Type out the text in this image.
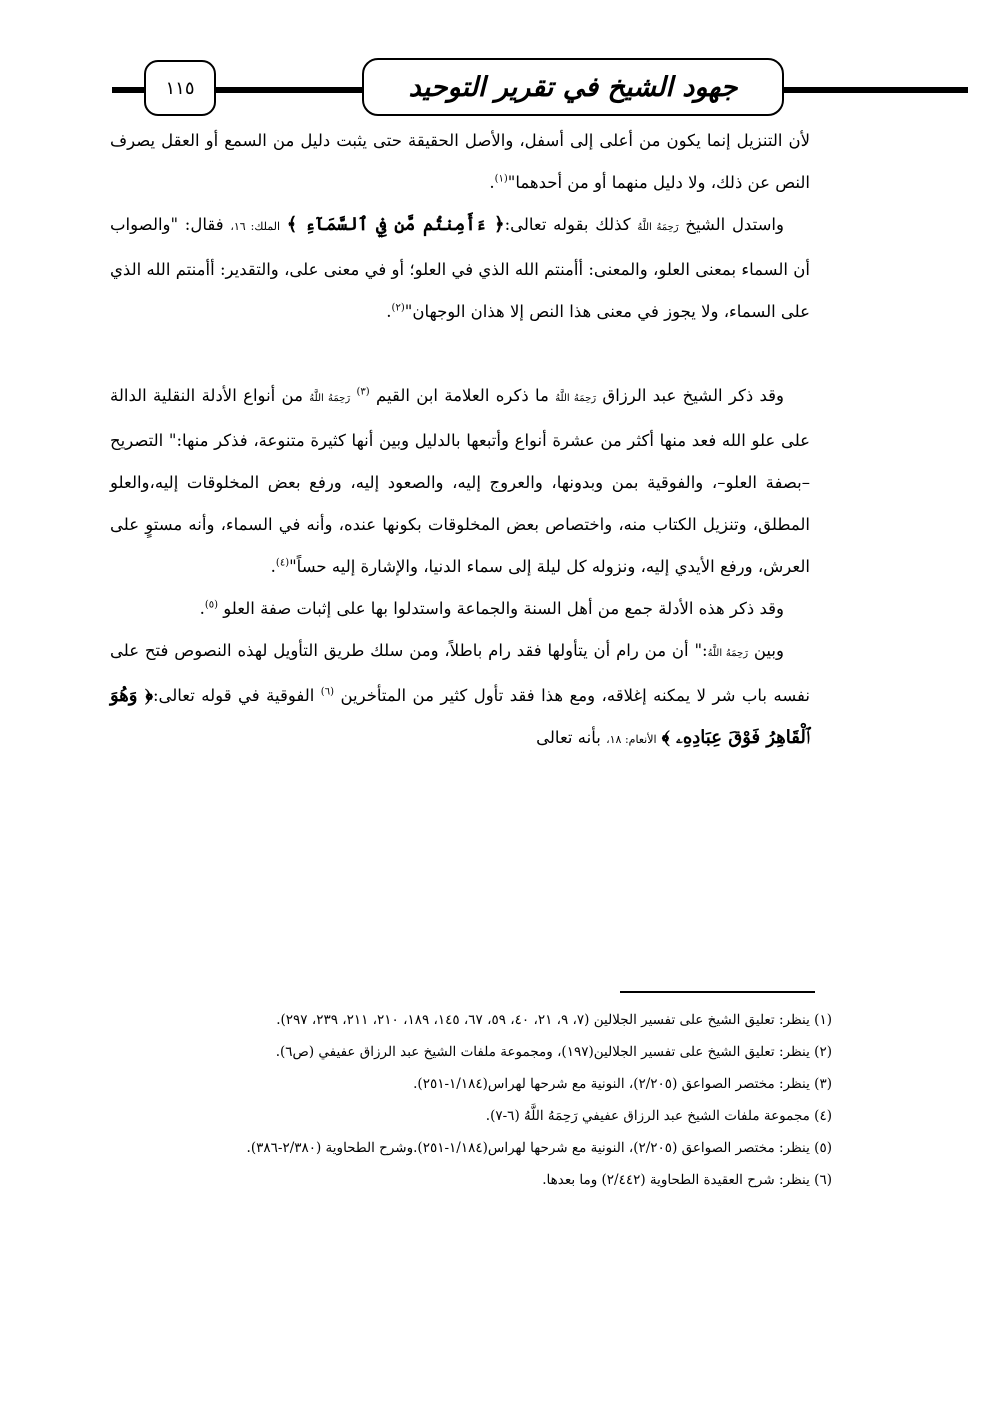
١١٥	جهود الشيخ في تقرير التوحيد

لأن التنزيل إنما يكون من أعلى إلى أسفل، والأصل الحقيقة حتى يثبت دليل من السمع أو العقل يصرف النص عن ذلك، ولا دليل منهما أو من أحدهما"$^{(١)}$.

واستدل الشيخ رَحِمَهُ اللَّهُ كذلك بقوله تعالى:﴿ ءَأَمِنتُم مَّن فِي ٱلسَّمَآءِ ﴾ الملك: ١٦، فقال: "والصواب أن السماء بمعنى العلو، والمعنى: أأمنتم الله الذي في العلو؛ أو في معنى على، والتقدير: أأمنتم الله الذي على السماء، ولا يجوز في معنى هذا النص إلا هذان الوجهان"$^{(٢)}$.

وقد ذكر الشيخ عبد الرزاق رَحِمَهُ اللَّهُ ما ذكره العلامة ابن القيم $^{(٣)}$ رَحِمَهُ اللَّهُ من أنواع الأدلة النقلية الدالة على علو الله فعد منها أكثر من عشرة أنواع وأتبعها بالدليل وبين أنها كثيرة متنوعة، فذكر منها:" التصريح –بصفة العلو–، والفوقية بمن وبدونها، والعروج إليه، والصعود إليه، ورفع بعض المخلوقات إليه،والعلو المطلق، وتنزيل الكتاب منه، واختصاص بعض المخلوقات بكونها عنده، وأنه في السماء، وأنه مستوٍ على العرش، ورفع الأيدي إليه، ونزوله كل ليلة إلى سماء الدنيا، والإشارة إليه حساً"$^{(٤)}$.

وقد ذكر هذه الأدلة جمع من أهل السنة والجماعة واستدلوا بها على إثبات صفة العلو $^{(٥)}$.

وبين رَحِمَهُ اللَّهُ:" أن من رام أن يتأولها فقد رام باطلاً، ومن سلك طريق التأويل لهذه النصوص فتح على نفسه باب شر لا يمكنه إغلاقه، ومع هذا فقد تأول كثير من المتأخرين $^{(٦)}$ الفوقية في قوله تعالى:﴿ وَهُوَ ٱلْقَاهِرُ فَوْقَ عِبَادِهِۦ ﴾ الأنعام: ١٨، بأنه تعالى

(١) ينظر: تعليق الشيخ على تفسير الجلالين (٧، ٩، ٢١، ٤٠، ٥٩، ٦٧، ١٤٥، ١٨٩، ٢١٠، ٢١١، ٢٣٩، ٢٩٧).

(٢) ينظر: تعليق الشيخ على تفسير الجلالين(١٩٧)، ومجموعة ملفات الشيخ عبد الرزاق عفيفي (ص٦).

(٣) ينظر: مختصر الصواعق (٢/٢٠٥)، النونية مع شرحها لهراس(١/١٨٤-٢٥١).

(٤) مجموعة ملفات الشيخ عبد الرزاق عفيفي رَحِمَهُ اللَّهُ (٦-٧).

(٥) ينظر: مختصر الصواعق (٢/٢٠٥)، النونية مع شرحها لهراس(١/١٨٤-٢٥١).وشرح الطحاوية (٢/٣٨٠-٣٨٦).

(٦) ينظر: شرح العقيدة الطحاوية (٢/٤٤٢) وما بعدها.
